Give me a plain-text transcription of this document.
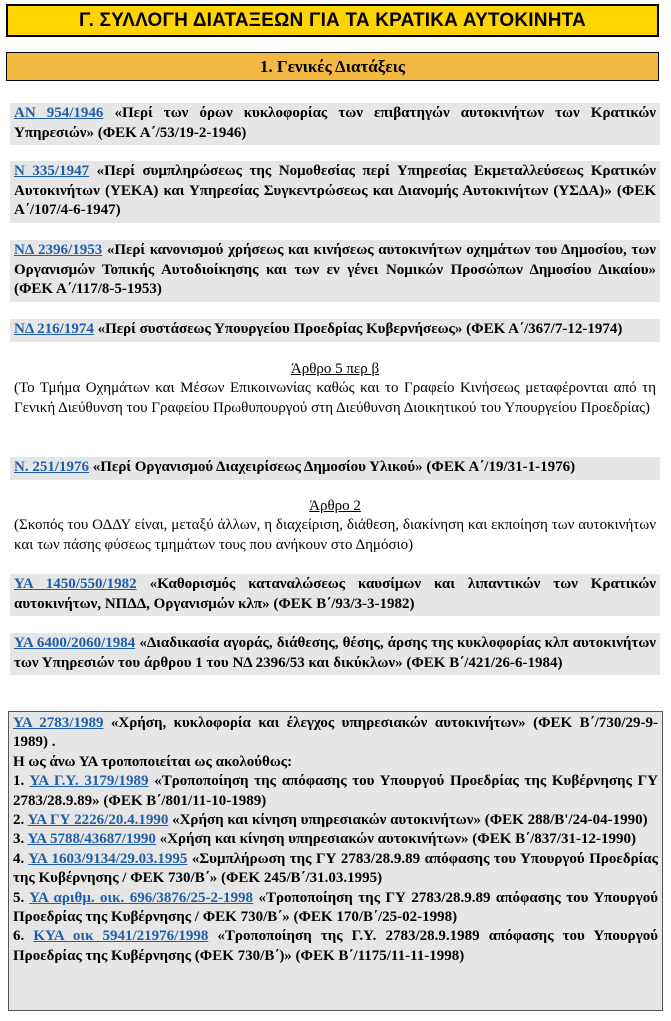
Γ. ΣΥΛΛΟΓΗ ΔΙΑΤΑΞΕΩΝ ΓΙΑ ΤΑ ΚΡΑΤΙΚΑ ΑΥΤΟΚΙΝΗΤΑ
1. Γενικές Διατάξεις
ΑΝ 954/1946 «Περί των όρων κυκλοφορίας των επιβατηγών αυτοκινήτων των Κρατικών Υπηρεσιών» (ΦΕΚ Α΄/53/19-2-1946)
Ν 335/1947 «Περί συμπληρώσεως της Νομοθεσίας περί Υπηρεσίας Εκμεταλλεύσεως Κρατικών Αυτοκινήτων (ΥΕΚΑ) και Υπηρεσίας Συγκεντρώσεως και Διανομής Αυτοκινήτων (ΥΣΔΑ)» (ΦΕΚ Α΄/107/4-6-1947)
ΝΔ 2396/1953 «Περί κανονισμού χρήσεως και κινήσεως αυτοκινήτων οχημάτων του Δημοσίου, των Οργανισμών Τοπικής Αυτοδιοίκησης και των εν γένει Νομικών Προσώπων Δημοσίου Δικαίου» (ΦΕΚ Α΄/117/8-5-1953)
ΝΔ 216/1974 «Περί συστάσεως Υπουργείου Προεδρίας Κυβερνήσεως» (ΦΕΚ Α΄/367/7-12-1974)
Άρθρο 5 περ β
(Το Τμήμα Οχημάτων και Μέσων Επικοινωνίας καθώς και το Γραφείο Κινήσεως μεταφέρονται από τη Γενική Διεύθυνση του Γραφείου Πρωθυπουργού στη Διεύθυνση Διοικητικού του Υπουργείου Προεδρίας)
Ν. 251/1976 «Περί Οργανισμού Διαχειρίσεως Δημοσίου Υλικού» (ΦΕΚ Α΄/19/31-1-1976)
Άρθρο 2
(Σκοπός του ΟΔΔΥ είναι, μεταξύ άλλων, η διαχείριση, διάθεση, διακίνηση και εκποίηση των αυτοκινήτων και των πάσης φύσεως τμημάτων τους που ανήκουν στο Δημόσιο)
ΥΑ 1450/550/1982 «Καθορισμός καταναλώσεως καυσίμων και λιπαντικών των Κρατικών αυτοκινήτων, ΝΠΔΔ, Οργανισμών κλπ» (ΦΕΚ Β΄/93/3-3-1982)
ΥΑ 6400/2060/1984 «Διαδικασία αγοράς, διάθεσης, θέσης, άρσης της κυκλοφορίας κλπ αυτοκινήτων των Υπηρεσιών του άρθρου 1 του ΝΔ 2396/53 και δικύκλων» (ΦΕΚ Β΄/421/26-6-1984)

ΥΑ 2783/1989 «Χρήση, κυκλοφορία και έλεγχος υπηρεσιακών αυτοκινήτων» (ΦΕΚ Β΄/730/29-9-1989) .

Η ως άνω ΥΑ τροποποιείται ως ακολούθως:

1. ΥΑ Γ.Υ. 3179/1989 «Τροποποίηση της απόφασης του Υπουργού Προεδρίας της Κυβέρνησης ΓΥ 2783/28.9.89» (ΦΕΚ Β΄/801/11-10-1989)

2. ΥΑ ΓΥ 2226/20.4.1990 «Χρήση και κίνηση υπηρεσιακών αυτοκινήτων» (ΦΕΚ 288/Β'/24-04-1990)

3. ΥΑ 5788/43687/1990 «Χρήση και κίνηση υπηρεσιακών αυτοκινήτων» (ΦΕΚ Β΄/837/31-12-1990)

4. ΥΑ 1603/9134/29.03.1995 «Συμπλήρωση της ΓΥ 2783/28.9.89 απόφασης του Υπουργού Προεδρίας της Κυβέρνησης / ΦΕΚ 730/Β΄» (ΦΕΚ 245/Β΄/31.03.1995)

5. ΥΑ αριθμ. οικ. 696/3876/25-2-1998 «Τροποποίηση της ΓΥ 2783/28.9.89 απόφασης του Υπουργού Προεδρίας της Κυβέρνησης / ΦΕΚ 730/Β΄» (ΦΕΚ 170/Β΄/25-02-1998)

6. ΚΥΑ οικ 5941/21976/1998 «Τροποποίηση της Γ.Υ. 2783/28.9.1989 απόφασης του Υπουργού Προεδρίας της Κυβέρνησης (ΦΕΚ 730/Β΄)» (ΦΕΚ Β΄/1175/11-11-1998)
